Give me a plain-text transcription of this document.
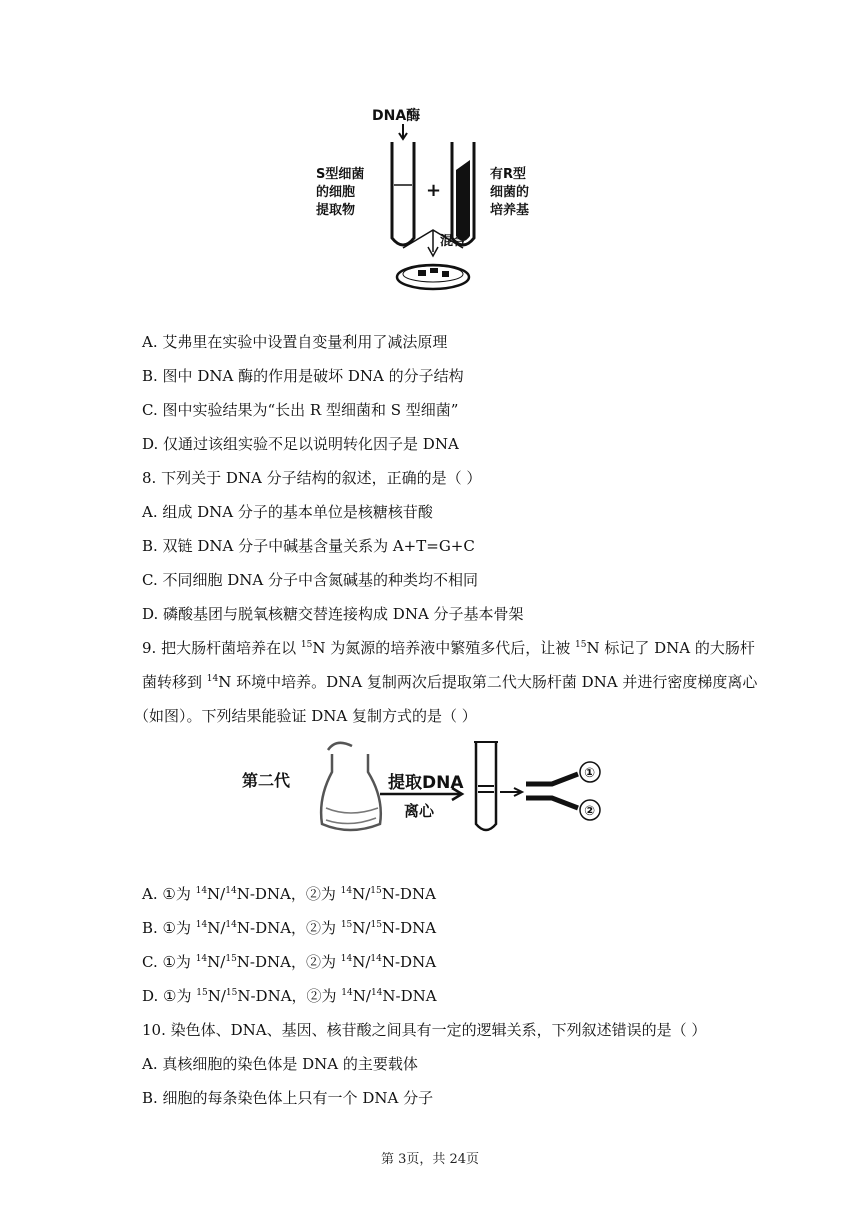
DNA酶
S型细菌
的细胞
提取物
+
有R型
细菌的
培养基
混合
A. 艾弗里在实验中设置自变量利用了减法原理
B. 图中 DNA 酶的作用是破坏 DNA 的分子结构
C. 图中实验结果为“长出 R 型细菌和 S 型细菌”
D. 仅通过该组实验不足以说明转化因子是 DNA
8. 下列关于 DNA 分子结构的叙述，正确的是（ ）
A. 组成 DNA 分子的基本单位是核糖核苷酸
B. 双链 DNA 分子中碱基含量关系为 A+T=G+C
C. 不同细胞 DNA 分子中含氮碱基的种类均不相同
D. 磷酸基团与脱氧核糖交替连接构成 DNA 分子基本骨架
9. 把大肠杆菌培养在以 $^{15}$N 为氮源的培养液中繁殖多代后，让被 $^{15}$N 标记了 DNA 的大肠杆
菌转移到 $^{14}$N 环境中培养。DNA 复制两次后提取第二代大肠杆菌 DNA 并进行密度梯度离心
（如图）。下列结果能验证 DNA 复制方式的是（ ）
第二代	提取DNA
离心
①
②
A. ①为 $^{14}$N/$^{14}$N-DNA，②为 $^{14}$N/$^{15}$N-DNA
B. ①为 $^{14}$N/$^{14}$N-DNA，②为 $^{15}$N/$^{15}$N-DNA
C. ①为 $^{14}$N/$^{15}$N-DNA，②为 $^{14}$N/$^{14}$N-DNA
D. ①为 $^{15}$N/$^{15}$N-DNA，②为 $^{14}$N/$^{14}$N-DNA
10. 染色体、DNA、基因、核苷酸之间具有一定的逻辑关系，下列叙述错误的是（ ）
A. 真核细胞的染色体是 DNA 的主要载体
B. 细胞的每条染色体上只有一个 DNA 分子
第 3页，共 24页
